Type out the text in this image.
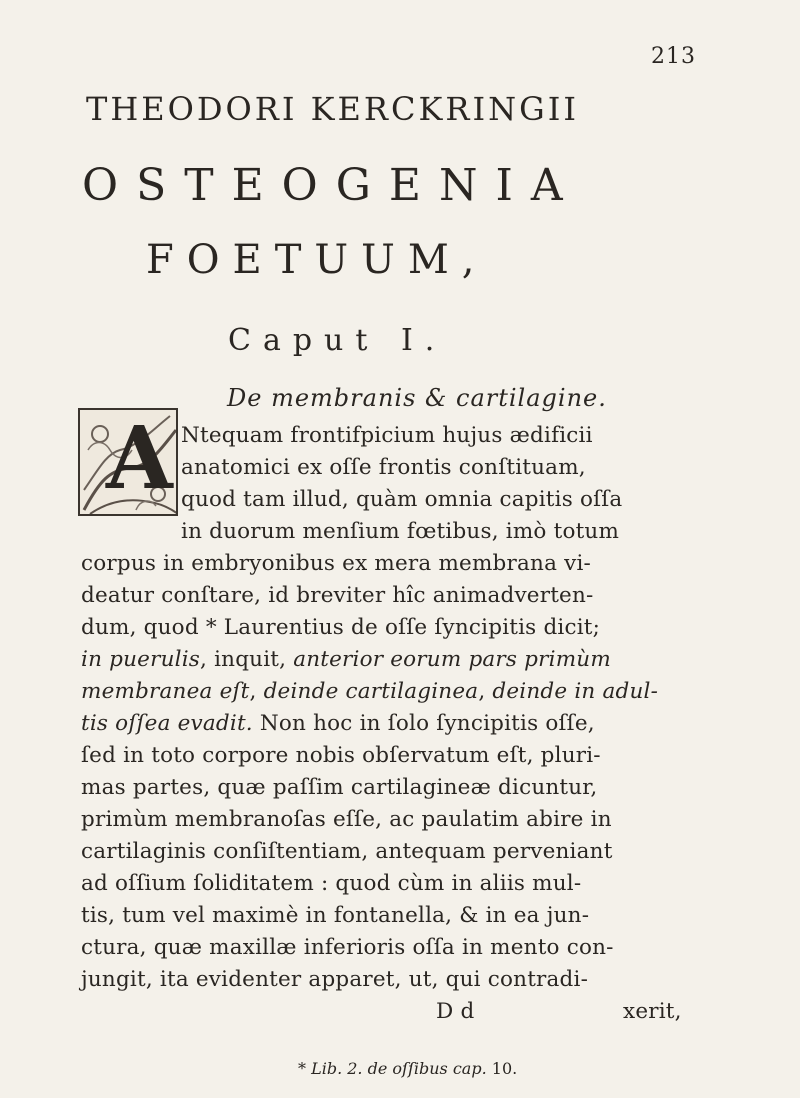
213
THEODORI KERCKRINGII
OSTEOGENIA
FOETUUM,
Caput I.
De membranis & cartilagine.
A Ntequam frontifpicium hujus ædificii
anatomici ex oſſe frontis conſtituam,
quod tam illud, quàm omnia capitis oſſa
in duorum menſium fœtibus, imò totum
corpus in embryonibus ex mera membrana vi-
deatur conſtare, id breviter hîc animadverten-
dum, quod * Laurentius de oſſe ſyncipitis dicit;
in puerulis, inquit, anterior eorum pars primùm
membranea eſt, deinde cartilaginea, deinde in adul-
tis oſſea evadit. Non hoc in ſolo ſyncipitis oſſe,
ſed in toto corpore nobis obſervatum eſt, pluri-
mas partes, quæ paſſim cartilagineæ dicuntur,
primùm membranoſas eſſe, ac paulatim abire in
cartilaginis conſiſtentiam, antequam perveniant
ad oſſium ſoliditatem : quod cùm in aliis mul-
tis, tum vel maximè in fontanella, & in ea jun-
ctura, quæ maxillæ inferioris oſſa in mento con-
jungit, ita evidenter apparet, ut, qui contradi-
D d	xerit,
* Lib. 2. de oſſibus cap. 10.
